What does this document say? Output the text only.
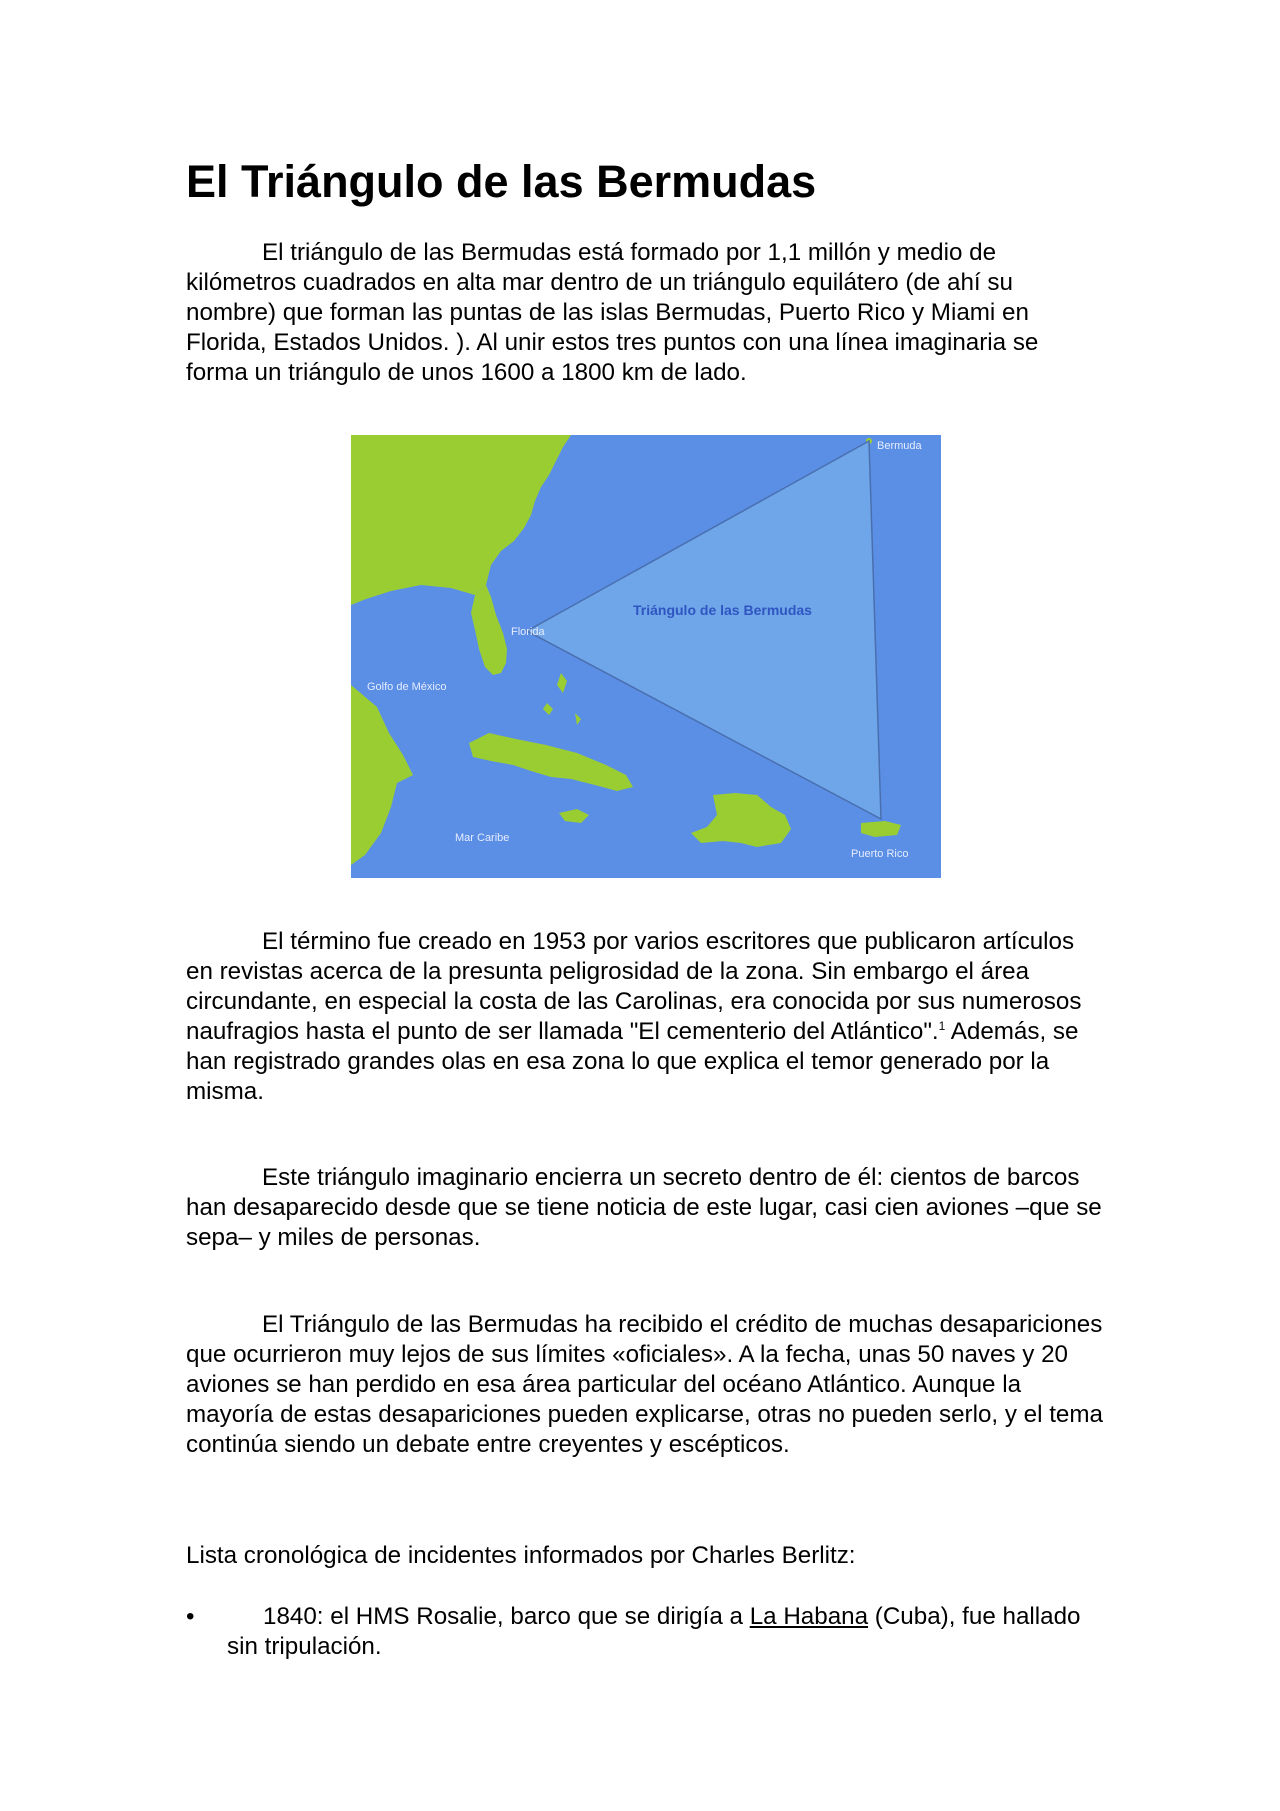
El Triángulo de las Bermudas

El triángulo de las Bermudas está formado por 1,1 millón y medio de kilómetros cuadrados en alta mar dentro de un triángulo equilátero (de ahí su nombre) que forman las puntas de las islas Bermudas, Puerto Rico y Miami en Florida, Estados Unidos. ). Al unir estos tres puntos con una línea imaginaria se forma un triángulo de unos 1600 a 1800 km de lado.

Bermuda
Florida
Golfo de México
Mar Caribe
Puerto Rico
Triángulo de las Bermudas

El término fue creado en 1953 por varios escritores que publicaron artículos en revistas acerca de la presunta peligrosidad de la zona. Sin embargo el área circundante, en especial la costa de las Carolinas, era conocida por sus numerosos naufragios hasta el punto de ser llamada "El cementerio del Atlántico".$^1$ Además, se han registrado grandes olas en esa zona lo que explica el temor generado por la misma.

Este triángulo imaginario encierra un secreto dentro de él: cientos de barcos han desaparecido desde que se tiene noticia de este lugar, casi cien aviones –que se sepa– y miles de personas.

El Triángulo de las Bermudas ha recibido el crédito de muchas desapariciones que ocurrieron muy lejos de sus límites «oficiales». A la fecha, unas 50 naves y 20 aviones se han perdido en esa área particular del océano Atlántico. Aunque la mayoría de estas desapariciones pueden explicarse, otras no pueden serlo, y el tema continúa siendo un debate entre creyentes y escépticos.

Lista cronológica de incidentes informados por Charles Berlitz:

•	1840: el HMS Rosalie, barco que se dirigía a La Habana (Cuba), fue hallado sin tripulación.
